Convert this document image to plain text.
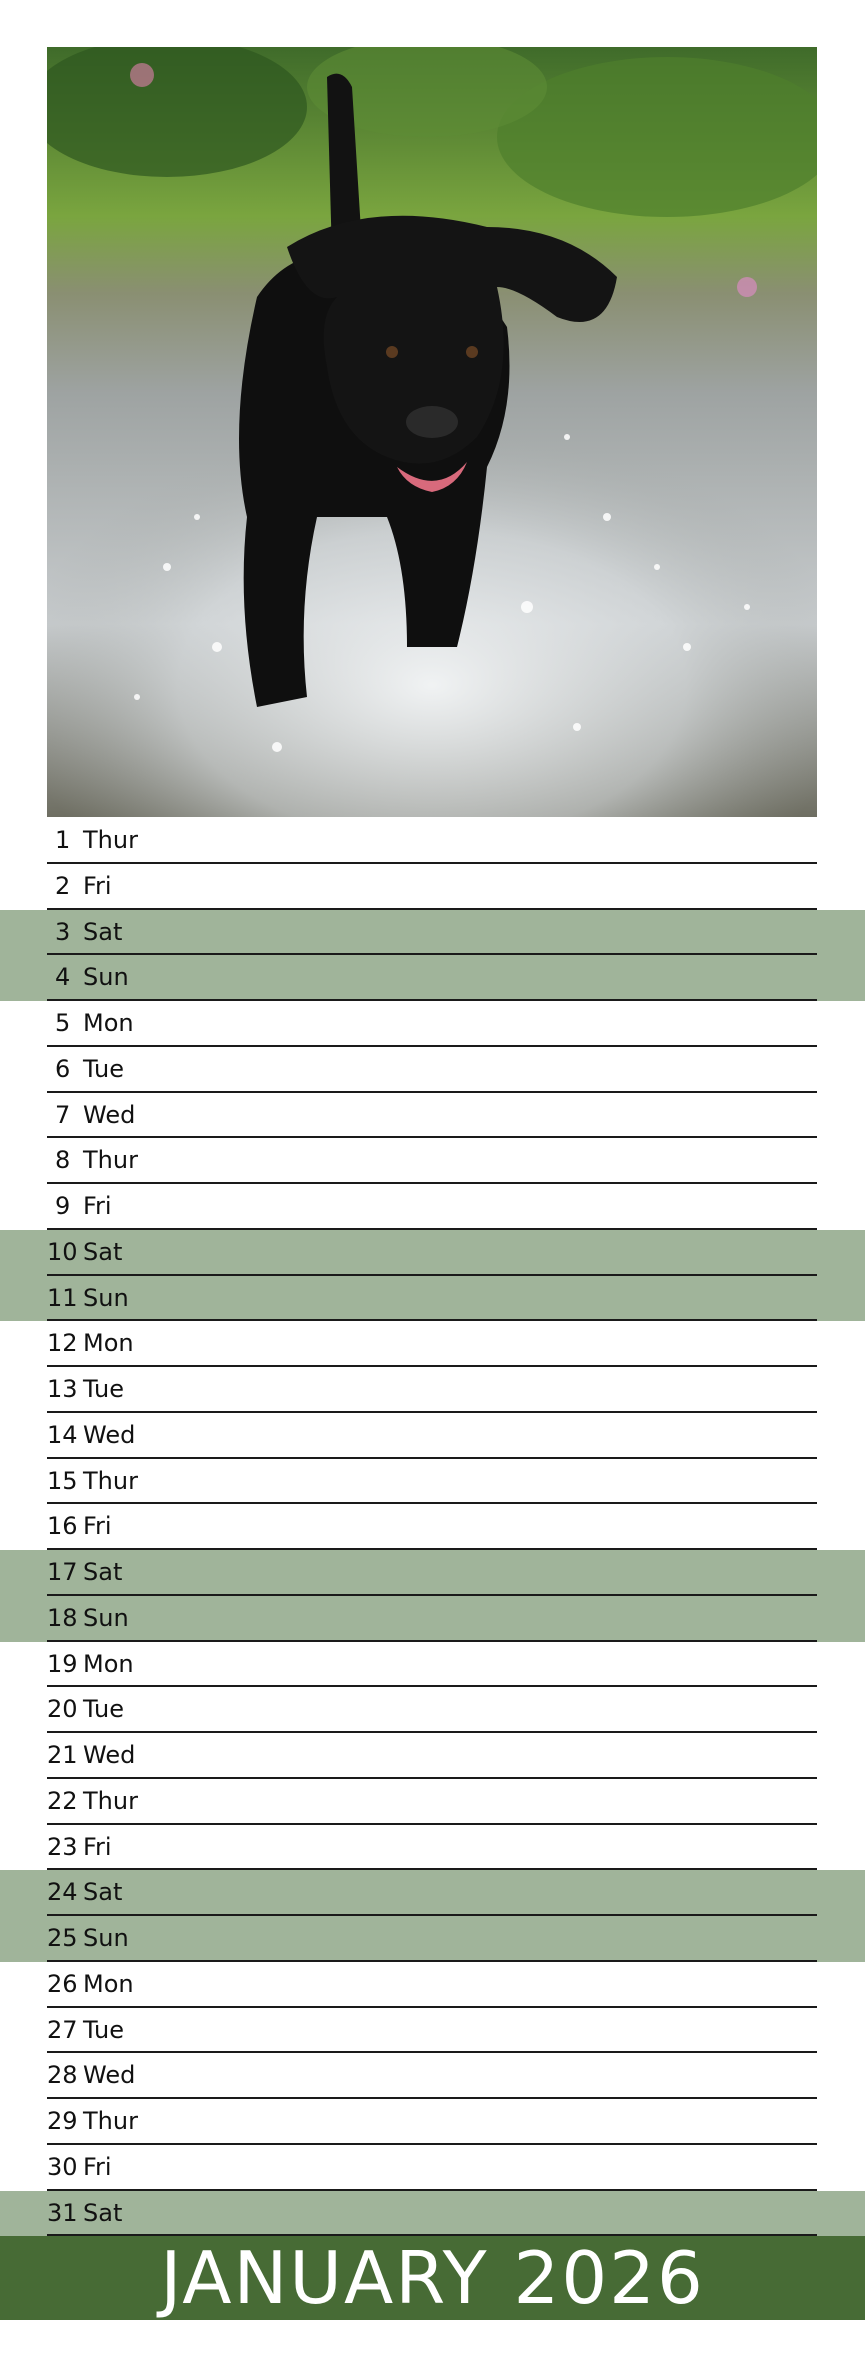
1 Thur
2 Fri
3 Sat
4 Sun
5 Mon
6 Tue
7 Wed
8 Thur
9 Fri
10 Sat
11 Sun
12 Mon
13 Tue
14 Wed
15 Thur
16 Fri
17 Sat
18 Sun
19 Mon
20 Tue
21 Wed
22 Thur
23 Fri
24 Sat
25 Sun
26 Mon
27 Tue
28 Wed
29 Thur
30 Fri
31 Sat
JANUARY 2026
